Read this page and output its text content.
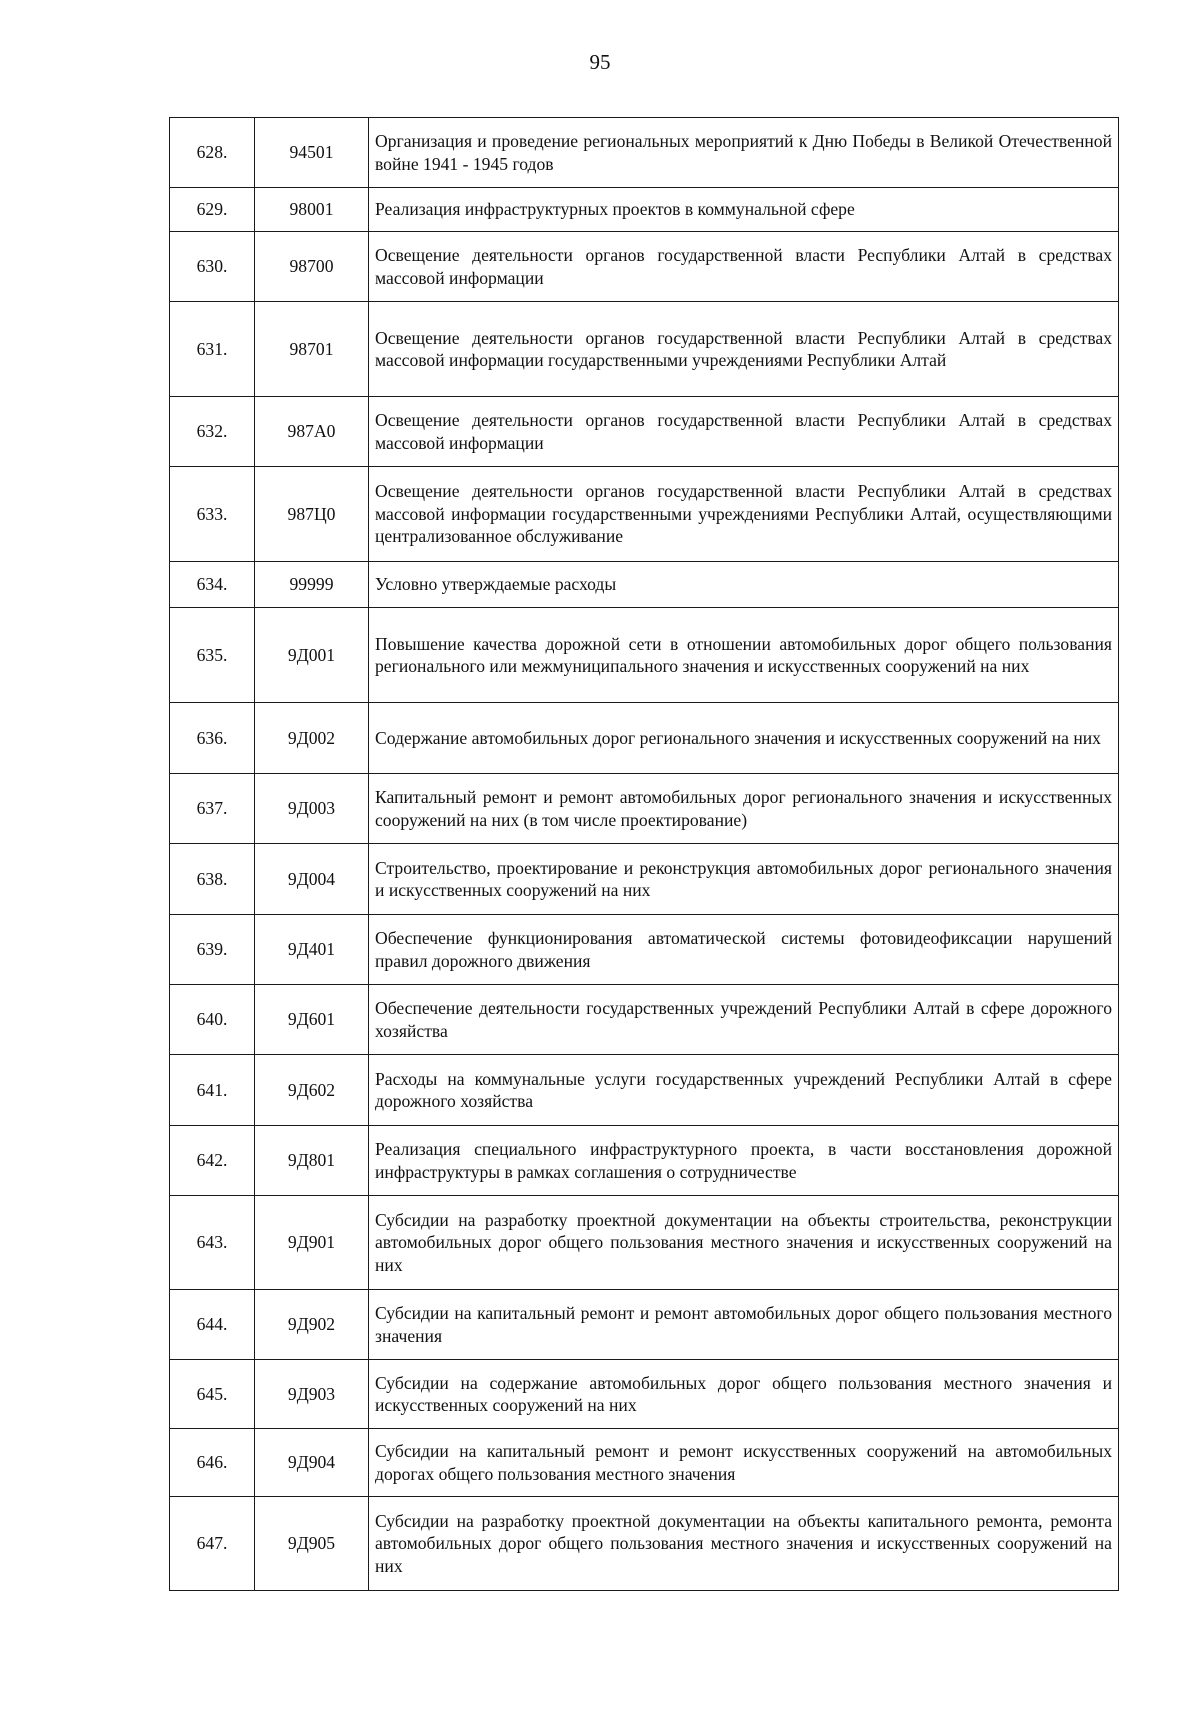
95
628.	94501	Организация и проведение региональных мероприятий к Дню Победы в Великой Отечественной войне 1941 - 1945 годов
629.	98001	Реализация инфраструктурных проектов в коммунальной сфере
630.	98700	Освещение деятельности органов государственной власти Республики Алтай в средствах массовой информации
631.	98701	Освещение деятельности органов государственной власти Республики Алтай в средствах массовой информации государственными учреждениями Республики Алтай
632.	987А0	Освещение деятельности органов государственной власти Республики Алтай в средствах массовой информации
633.	987Ц0	Освещение деятельности органов государственной власти Республики Алтай в средствах массовой информации государственными учреждениями Республики Алтай, осуществляющими централизованное обслуживание
634.	99999	Условно утверждаемые расходы
635.	9Д001	Повышение качества дорожной сети в отношении автомобильных дорог общего пользования регионального или межмуниципального значения и искусственных сооружений на них
636.	9Д002	Содержание автомобильных дорог регионального значения и искусственных сооружений на них
637.	9Д003	Капитальный ремонт и ремонт автомобильных дорог регионального значения и искусственных сооружений на них (в том числе проектирование)
638.	9Д004	Строительство, проектирование и реконструкция автомобильных дорог регионального значения и искусственных сооружений на них
639.	9Д401	Обеспечение функционирования автоматической системы фотовидеофиксации нарушений правил дорожного движения
640.	9Д601	Обеспечение деятельности государственных учреждений Республики Алтай в сфере дорожного хозяйства
641.	9Д602	Расходы на коммунальные услуги государственных учреждений Республики Алтай в сфере дорожного хозяйства
642.	9Д801	Реализация специального инфраструктурного проекта, в части восстановления дорожной инфраструктуры в рамках соглашения о сотрудничестве
643.	9Д901	Субсидии на разработку проектной документации на объекты строительства, реконструкции автомобильных дорог общего пользования местного значения и искусственных сооружений на них
644.	9Д902	Субсидии на капитальный ремонт и ремонт автомобильных дорог общего пользования местного значения
645.	9Д903	Субсидии на содержание автомобильных дорог общего пользования местного значения и искусственных сооружений на них
646.	9Д904	Субсидии на капитальный ремонт и ремонт искусственных сооружений на автомобильных дорогах общего пользования местного значения
647.	9Д905	Субсидии на разработку проектной документации на объекты капитального ремонта, ремонта автомобильных дорог общего пользования местного значения и искусственных сооружений на них
